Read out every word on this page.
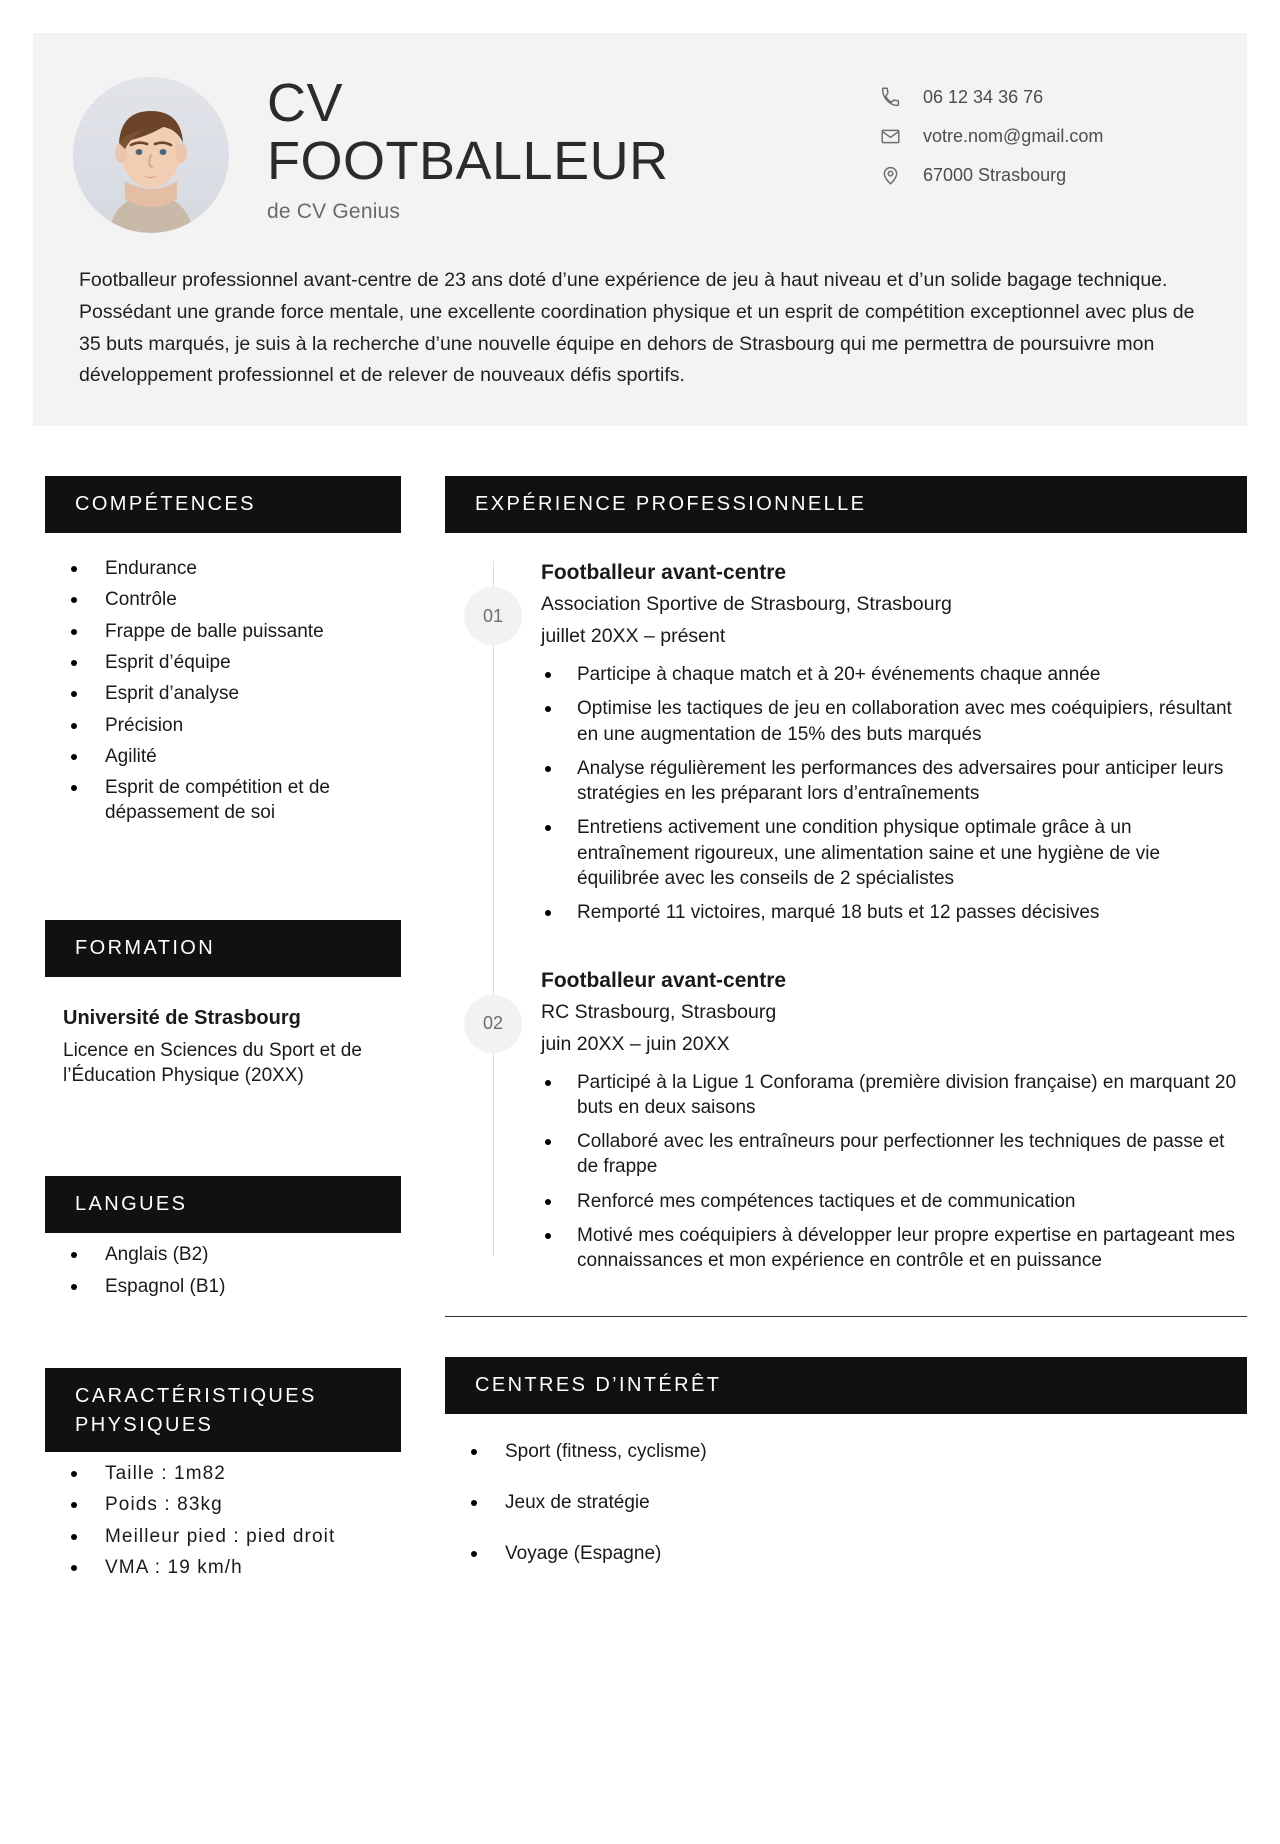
CV
FOOTBALLEUR
de CV Genius
06 12 34 36 76
votre.nom@gmail.com
67000 Strasbourg
Footballeur professionnel avant-centre de 23 ans doté d’une expérience de jeu à haut niveau et d’un solide bagage technique. Possédant une grande force mentale, une excellente coordination physique et un esprit de compétition exceptionnel avec plus de 35 buts marqués, je suis à la recherche d’une nouvelle équipe en dehors de Strasbourg qui me permettra de poursuivre mon développement professionnel et de relever de nouveaux défis sportifs.
COMPÉTENCES
Endurance
Contrôle
Frappe de balle puissante
Esprit d’équipe
Esprit d’analyse
Précision
Agilité
Esprit de compétition et de dépassement de soi
FORMATION
Université de Strasbourg
Licence en Sciences du Sport et de l’Éducation Physique (20XX)
LANGUES
Anglais (B2)
Espagnol (B1)
CARACTÉRISTIQUES
PHYSIQUES
Taille : 1m82
Poids : 83kg
Meilleur pied : pied droit
VMA : 19 km/h
EXPÉRIENCE PROFESSIONNELLE
01
Footballeur avant-centre
Association Sportive de Strasbourg, Strasbourg
juillet 20XX – présent
Participe à chaque match et à 20+ événements chaque année
Optimise les tactiques de jeu en collaboration avec mes coéquipiers, résultant en une augmentation de 15% des buts marqués
Analyse régulièrement les performances des adversaires pour anticiper leurs stratégies en les préparant lors d’entraînements
Entretiens activement une condition physique optimale grâce à un entraînement rigoureux, une alimentation saine et une hygiène de vie équilibrée avec les conseils de 2 spécialistes
Remporté 11 victoires, marqué 18 buts et 12 passes décisives
02
Footballeur avant-centre
RC Strasbourg, Strasbourg
juin 20XX – juin 20XX
Participé à la Ligue 1 Conforama (première division française) en marquant 20 buts en deux saisons
Collaboré avec les entraîneurs pour perfectionner les techniques de passe et de frappe
Renforcé mes compétences tactiques et de communication
Motivé mes coéquipiers à développer leur propre expertise en partageant mes connaissances et mon expérience en contrôle et en puissance
CENTRES D’INTÉRÊT
Sport (fitness, cyclisme)
Jeux de stratégie
Voyage (Espagne)
